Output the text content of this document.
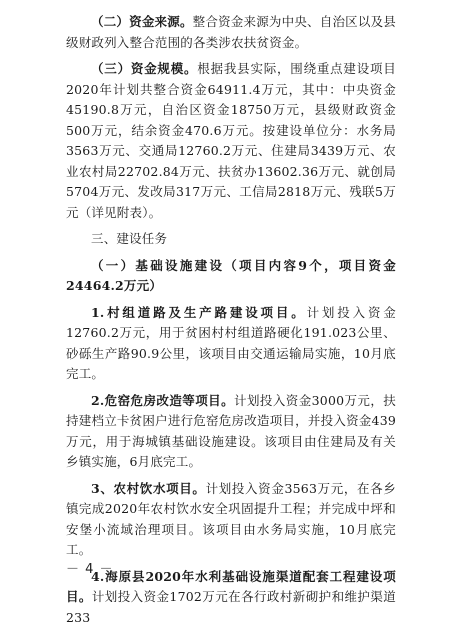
（二）资金来源。整合资金来源为中央、自治区以及县级财政列入整合范围的各类涉农扶贫资金。

（三）资金规模。根据我县实际，围绕重点建设项目2020年计划共整合资金64911.4万元，其中：中央资金45190.8万元，自治区资金18750万元，县级财政资金500万元，结余资金470.6万元。按建设单位分：水务局3563万元、交通局12760.2万元、住建局3439万元、农业农村局22702.84万元、扶贫办13602.36万元、就创局5704万元、发改局317万元、工信局2818万元、残联5万元（详见附表）。

三、建设任务

（一）基础设施建设（项目内容9个，项目资金24464.2万元）

1.村组道路及生产路建设项目。计划投入资金12760.2万元，用于贫困村村组道路硬化191.023公里、砂砾生产路90.9公里，该项目由交通运输局实施，10月底完工。

2.危窑危房改造等项目。计划投入资金3000万元，扶持建档立卡贫困户进行危窑危房改造项目，并投入资金439万元，用于海城镇基础设施建设。该项目由住建局及有关乡镇实施，6月底完工。

3、农村饮水项目。计划投入资金3563万元，在各乡镇完成2020年农村饮水安全巩固提升工程；并完成中坪和安堡小流域治理项目。该项目由水务局实施，10月底完工。

4.海原县2020年水利基础设施渠道配套工程建设项目。计划投入资金1702万元在各行政村新砌护和维护渠道233

－ 4 －
